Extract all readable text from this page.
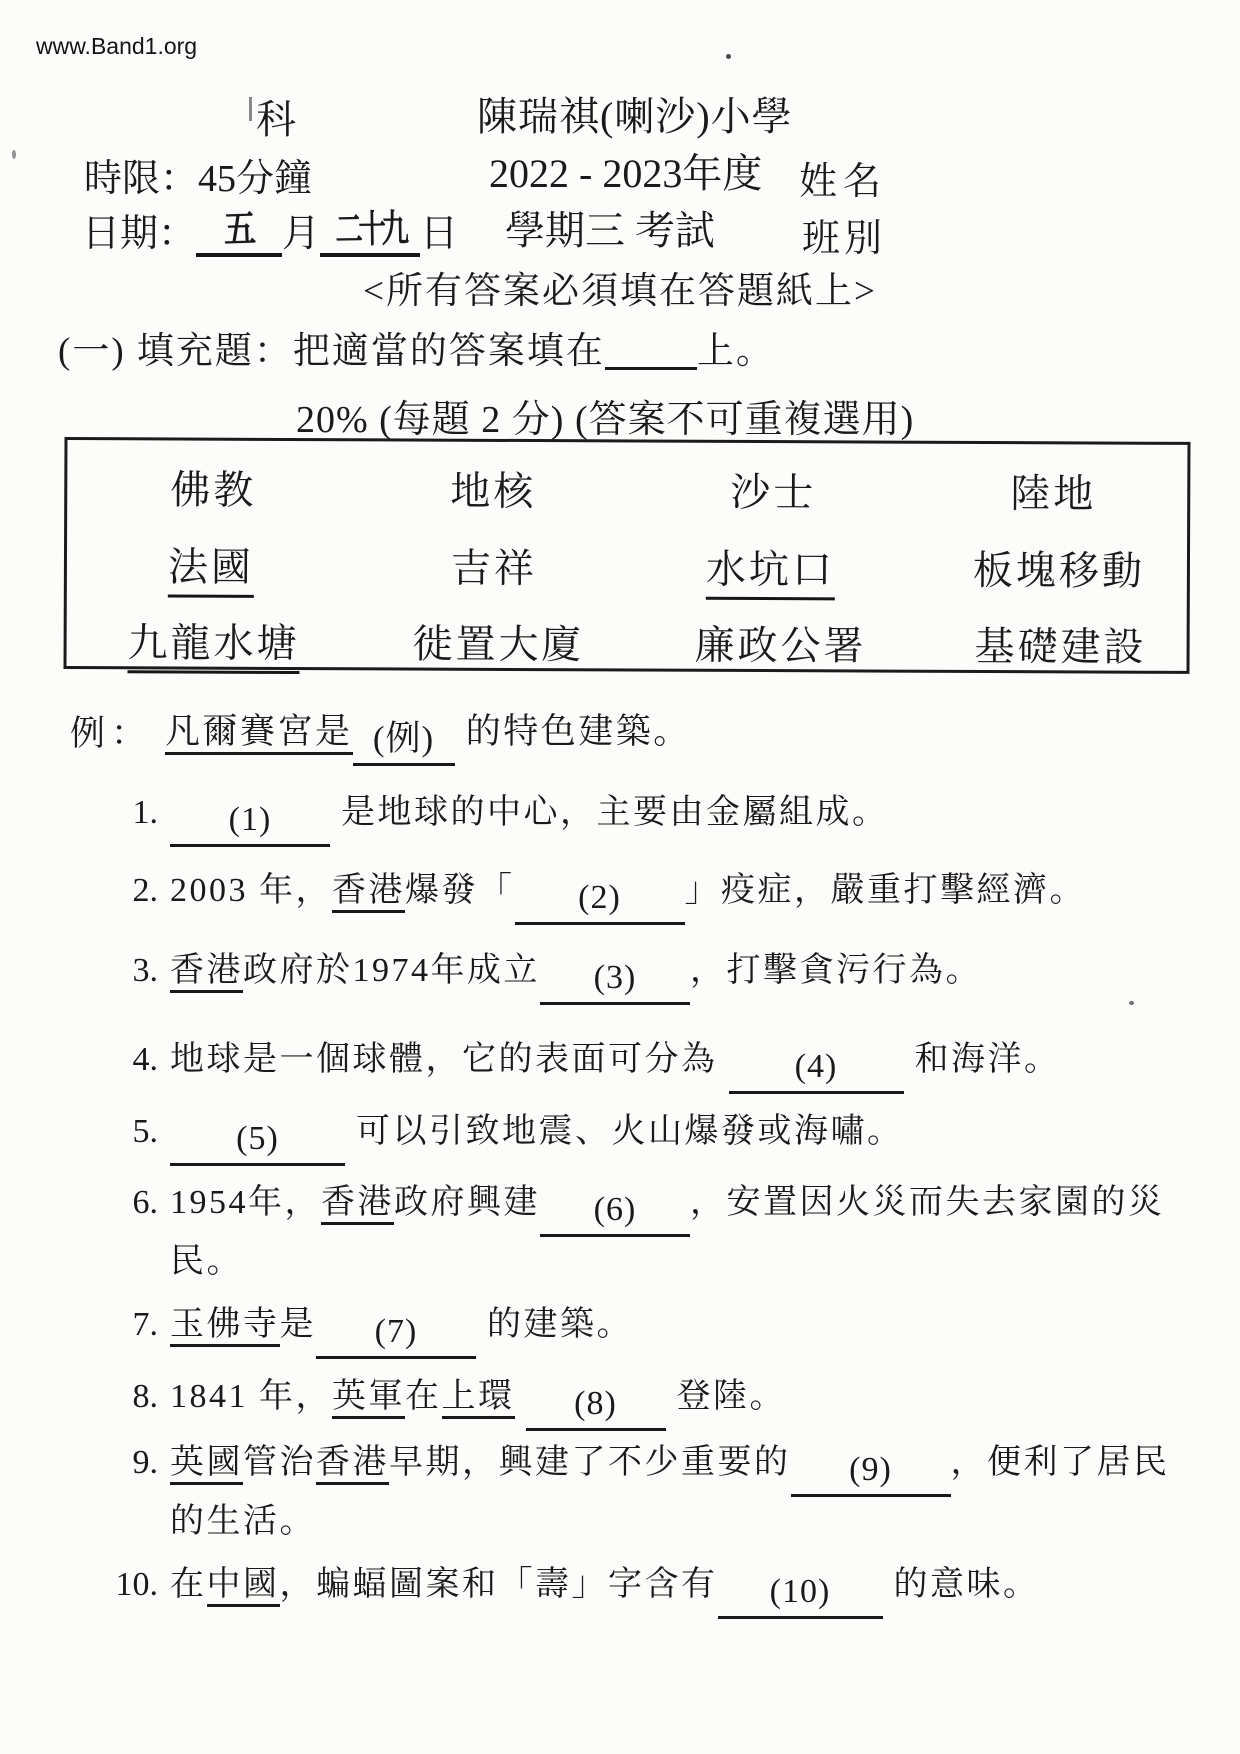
www.Band1.org
科	陳瑞祺(喇沙)小學
時限：45分鐘	2022 - 2023年度 姓名
日期： 五 月 二十九 日 學期三 考試 班別
<所有答案必須填在答題紙上>
(一) 填充題：把適當的答案填在 上。
20% (每題 2 分) (答案不可重複選用)
佛教	地核	沙士	陸地
法國	吉祥	水坑口	板塊移動
九龍水塘	徙置大廈	廉政公署	基礎建設
例： 凡爾賽宮是 (例) 的特色建築。
1. (1) 是地球的中心，主要由金屬組成。
2. 2003 年，香港爆發「 (2) 」疫症，嚴重打擊經濟。
3. 香港政府於1974年成立 (3) ，打擊貪污行為。
4. 地球是一個球體，它的表面可分為 (4) 和海洋。
5. (5) 可以引致地震、火山爆發或海嘯。
6. 1954年，香港政府興建 (6) ，安置因火災而失去家園的災民。
7. 玉佛寺是 (7) 的建築。
8. 1841 年，英軍在上環 (8) 登陸。
9. 英國管治香港早期，興建了不少重要的 (9) ，便利了居民的生活。
10. 在中國，蝙蝠圖案和「壽」字含有 (10) 的意味。
